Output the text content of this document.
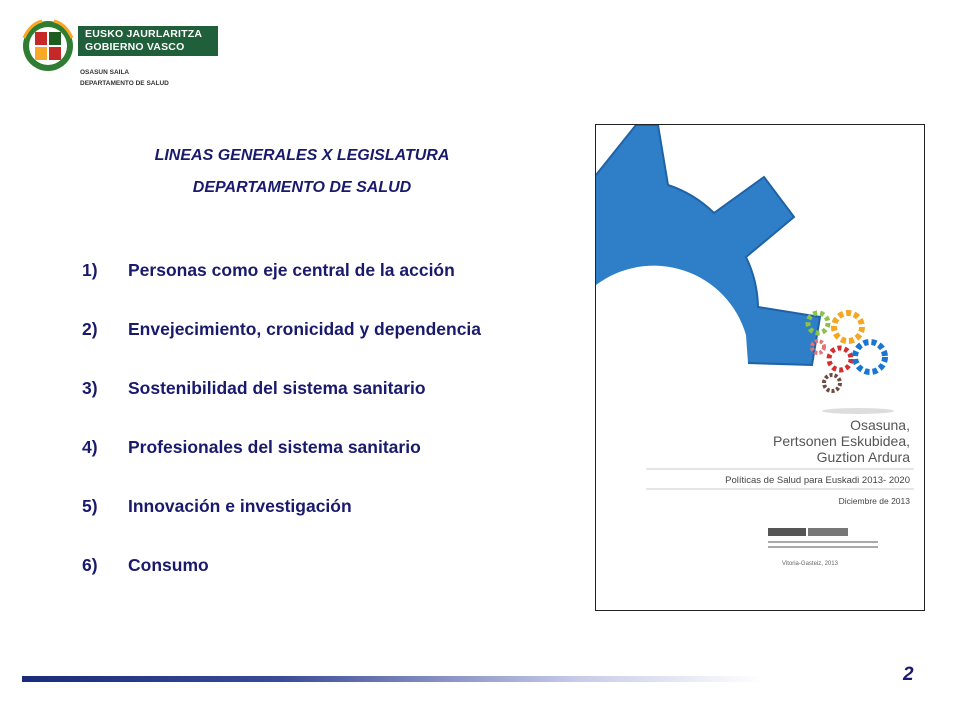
EUSKO JAURLARITZA
GOBIERNO VASCO
OSASUN SAILA
DEPARTAMENTO DE SALUD
LINEAS GENERALES X LEGISLATURA
DEPARTAMENTO DE SALUD
1)	Personas como eje central de la acción
2)	Envejecimiento, cronicidad y dependencia
3)	Sostenibilidad del sistema sanitario
4)	Profesionales del sistema sanitario
5)	Innovación e investigación
6)	Consumo
Osasuna,
Pertsonen Eskubidea,
Guztion Ardura
Políticas de Salud para Euskadi 2013- 2020
Diciembre de 2013
Vitoria-Gasteiz, 2013
2
